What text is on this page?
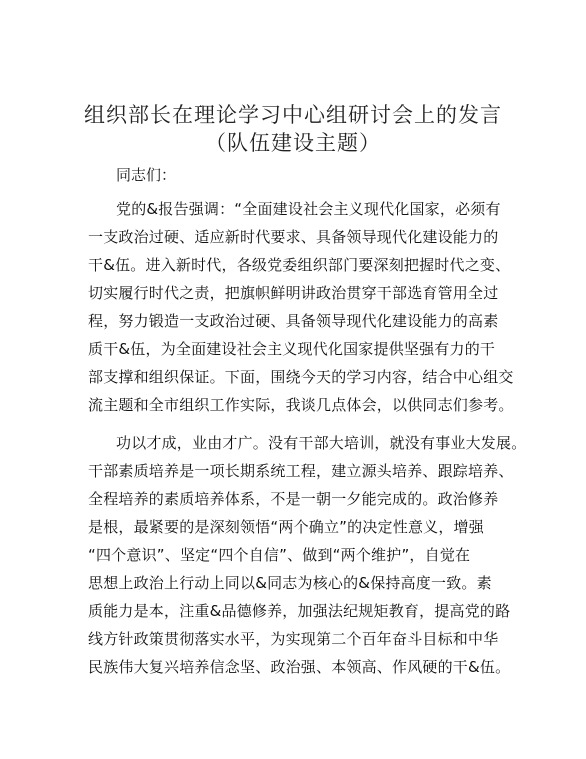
组织部长在理论学习中心组研讨会上的发言
（队伍建设主题）
同志们：
党的&报告强调：“全面建设社会主义现代化国家，必须有
一支政治过硬、适应新时代要求、具备领导现代化建设能力的
干&伍。进入新时代，各级党委组织部门要深刻把握时代之变、
切实履行时代之责，把旗帜鲜明讲政治贯穿干部选育管用全过
程，努力锻造一支政治过硬、具备领导现代化建设能力的高素
质干&伍，为全面建设社会主义现代化国家提供坚强有力的干
部支撑和组织保证。下面，围绕今天的学习内容，结合中心组交
流主题和全市组织工作实际，我谈几点体会，以供同志们参考。
功以才成，业由才广。没有干部大培训，就没有事业大发展。
干部素质培养是一项长期系统工程，建立源头培养、跟踪培养、
全程培养的素质培养体系，不是一朝一夕能完成的。政治修养
是根，最紧要的是深刻领悟“两个确立”的决定性意义，增强
“四个意识”、坚定“四个自信”、做到“两个维护”，自觉在
思想上政治上行动上同以&同志为核心的&保持高度一致。素
质能力是本，注重&品德修养，加强法纪规矩教育，提高党的路
线方针政策贯彻落实水平，为实现第二个百年奋斗目标和中华
民族伟大复兴培养信念坚、政治强、本领高、作风硬的干&伍。
